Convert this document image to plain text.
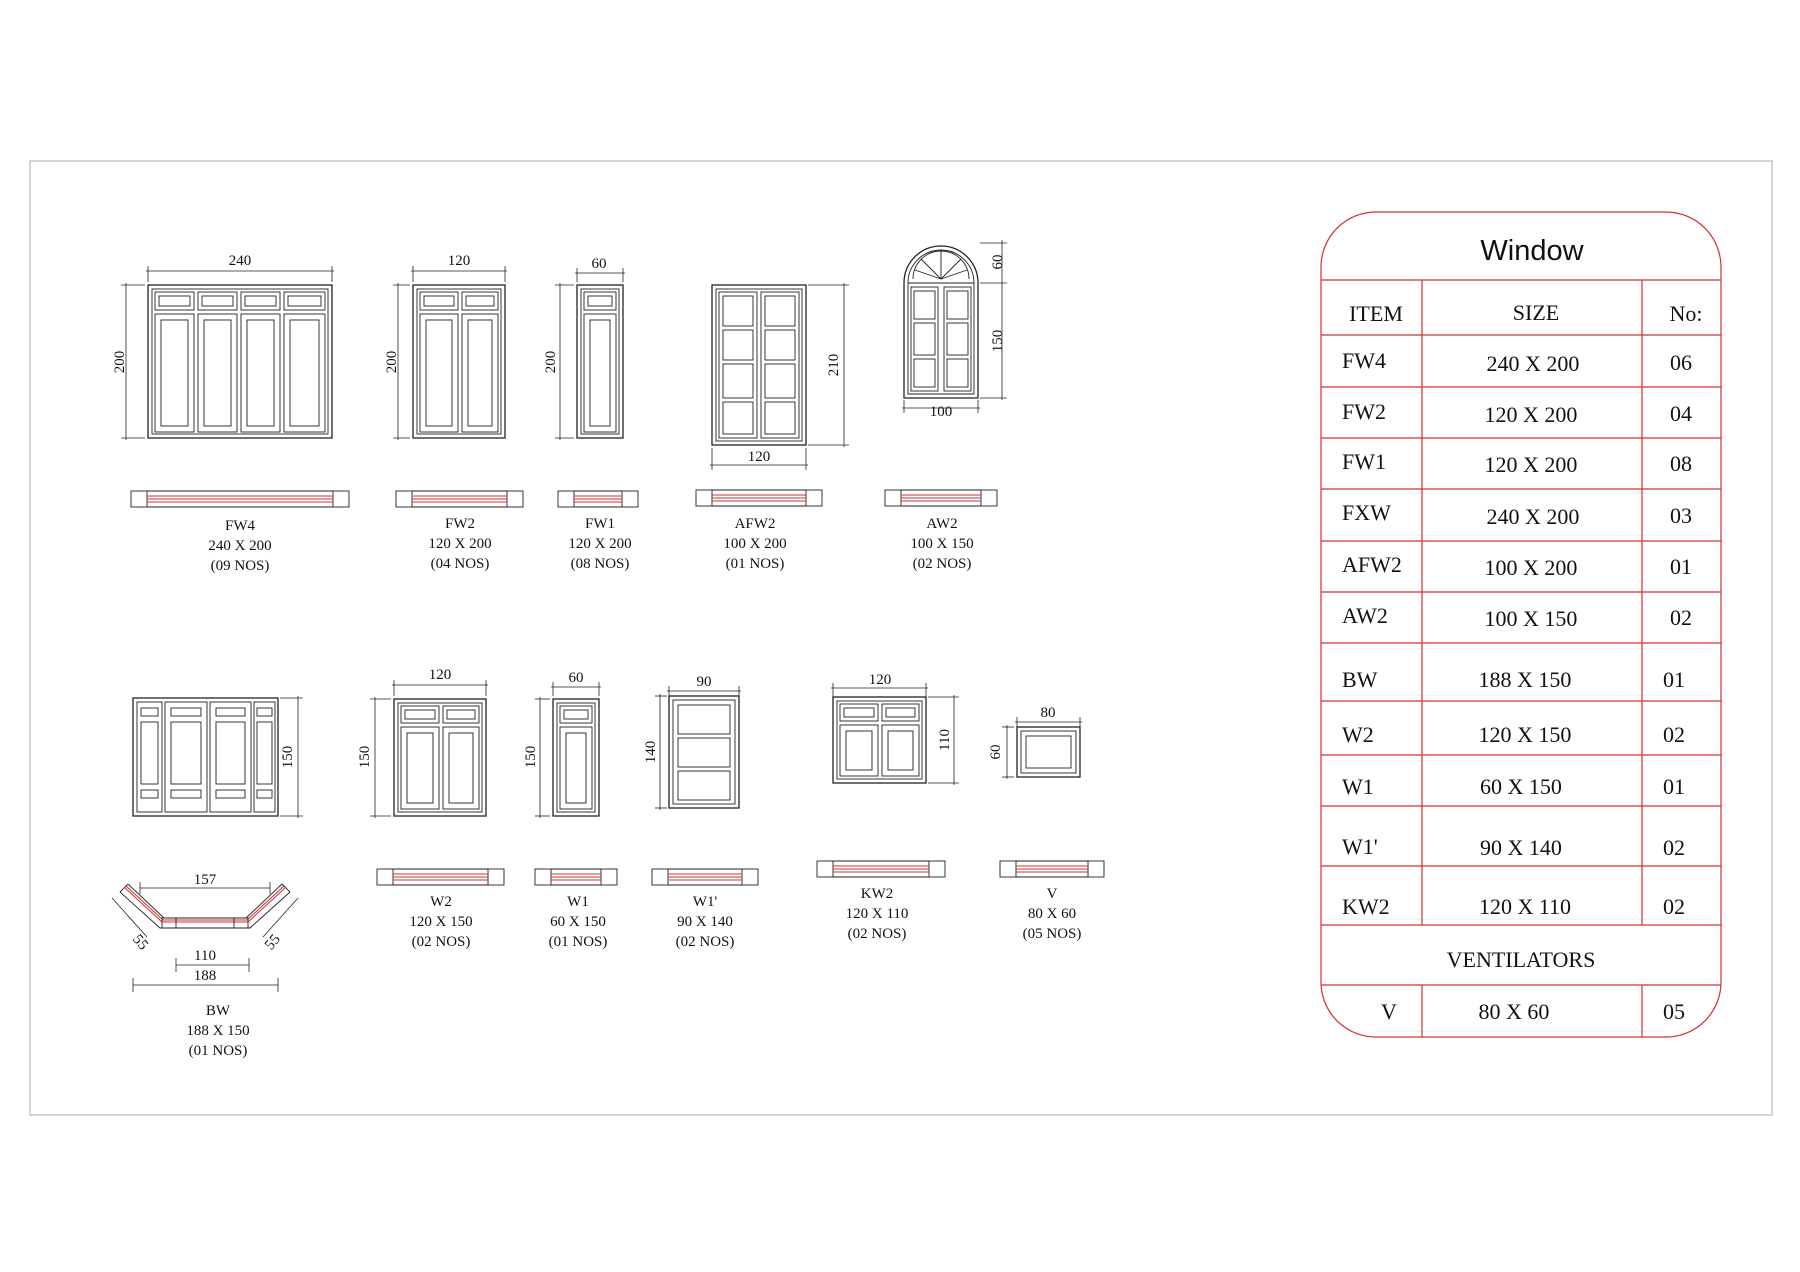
240
200
FW4
240 X 200
(09 NOS)
120
200
FW2
120 X 200
(04 NOS)
60
200
FW1
120 X 200
(08 NOS)
210
120
AFW2
100 X 200
(01 NOS)
60
150
100
AW2
100 X 150
(02 NOS)
150
157
55	55
110
188
BW
188 X 150
(01 NOS)
120
150
W2
120 X 150
(02 NOS)
60
150
W1
60 X 150
(01 NOS)
90
140
W1'
90 X 140
(02 NOS)
120
110
KW2
120 X 110
(02 NOS)
80
60
V
80 X 60
(05 NOS)
Window
ITEM	SIZE	No:
FW4	240 X 200	06
FW2	120 X 200	04
FW1	120 X 200	08
FXW	240 X 200	03
AFW2	100 X 200	01
AW2	100 X 150	02
BW	188 X 150	01
W2	120 X 150	02
W1	60 X 150	01
W1'	90 X 140	02
KW2	120 X 110	02
VENTILATORS
V	80 X 60	05
